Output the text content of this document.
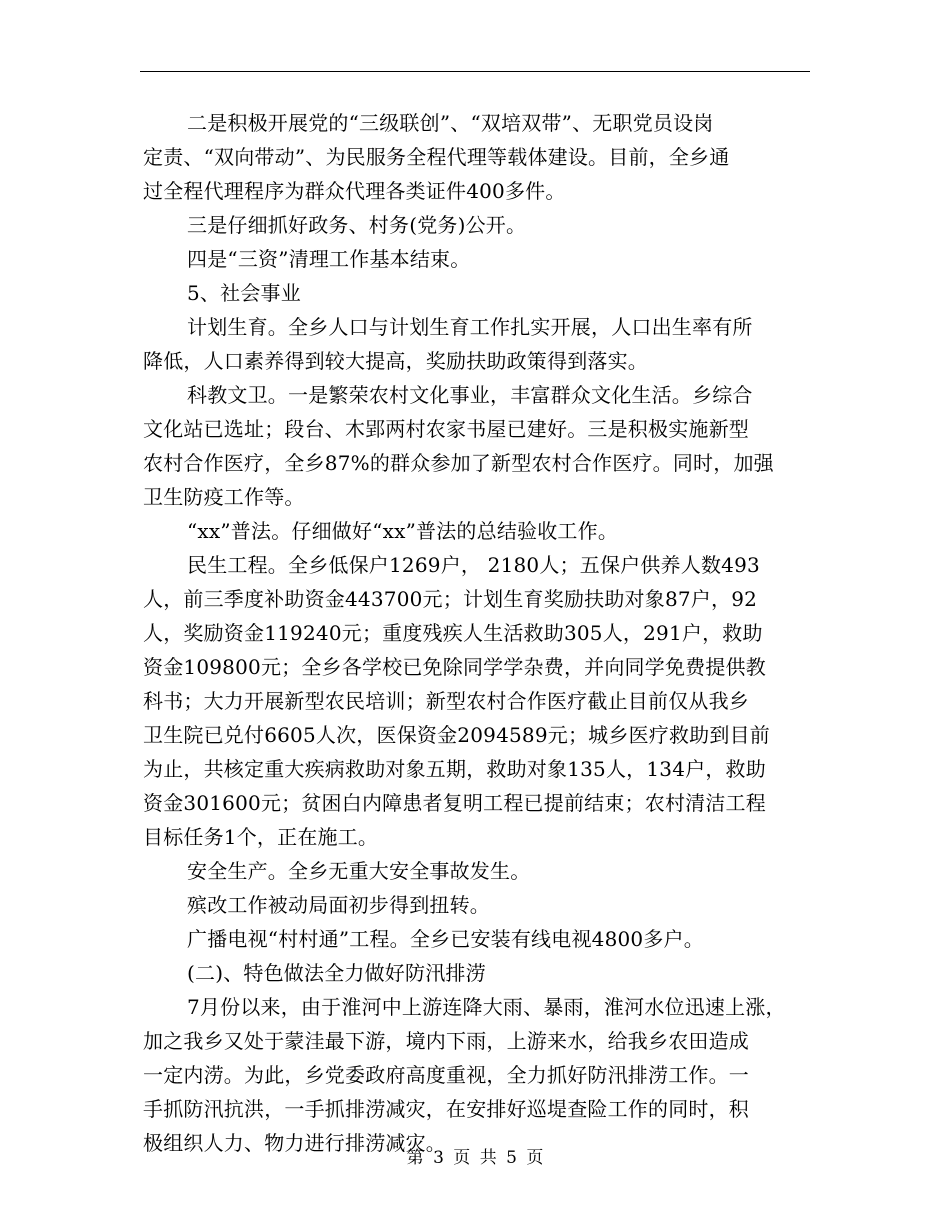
二是积极开展党的“三级联创”、“双培双带”、无职党员设岗
定责、“双向带动”、为民服务全程代理等载体建设。目前，全乡通
过全程代理程序为群众代理各类证件400多件。
三是仔细抓好政务、村务(党务)公开。
四是“三资”清理工作基本结束。
5、社会事业
计划生育。全乡人口与计划生育工作扎实开展，人口出生率有所
降低，人口素养得到较大提高，奖励扶助政策得到落实。
科教文卫。一是繁荣农村文化事业，丰富群众文化生活。乡综合
文化站已选址；段台、木郢两村农家书屋已建好。三是积极实施新型
农村合作医疗，全乡87%的群众参加了新型农村合作医疗。同时，加强
卫生防疫工作等。
“xx”普法。仔细做好“xx”普法的总结验收工作。
民生工程。全乡低保户1269户， 2180人；五保户供养人数493
人，前三季度补助资金443700元；计划生育奖励扶助对象87户，92
人，奖励资金119240元；重度残疾人生活救助305人，291户，救助
资金109800元；全乡各学校已免除同学学杂费，并向同学免费提供教
科书；大力开展新型农民培训；新型农村合作医疗截止目前仅从我乡
卫生院已兑付6605人次，医保资金2094589元；城乡医疗救助到目前
为止，共核定重大疾病救助对象五期，救助对象135人，134户，救助
资金301600元；贫困白内障患者复明工程已提前结束；农村清洁工程
目标任务1个，正在施工。
安全生产。全乡无重大安全事故发生。
殡改工作被动局面初步得到扭转。
广播电视“村村通”工程。全乡已安装有线电视4800多户。
(二)、特色做法全力做好防汛排涝
7月份以来，由于淮河中上游连降大雨、暴雨，淮河水位迅速上涨，
加之我乡又处于蒙洼最下游，境内下雨，上游来水，给我乡农田造成
一定内涝。为此，乡党委政府高度重视，全力抓好防汛排涝工作。一
手抓防汛抗洪，一手抓排涝减灾，在安排好巡堤查险工作的同时，积
极组织人力、物力进行排涝减灾。
第 3 页 共 5 页
